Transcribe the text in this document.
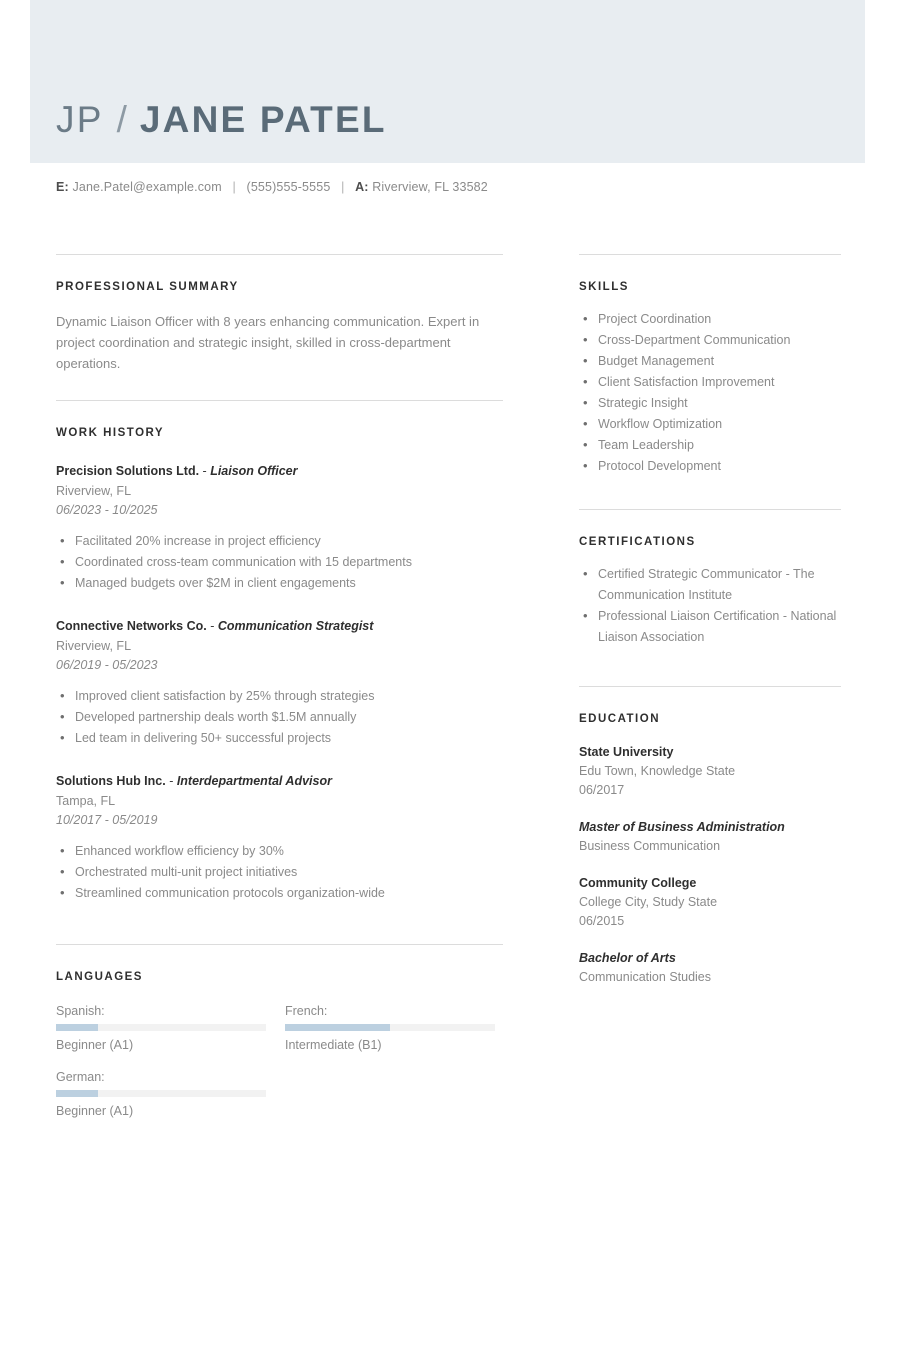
JP / JANE PATEL
E: Jane.Patel@example.com | (555)555-5555 | A: Riverview, FL 33582
PROFESSIONAL SUMMARY
Dynamic Liaison Officer with 8 years enhancing communication. Expert in project coordination and strategic insight, skilled in cross-department operations.
WORK HISTORY
Precision Solutions Ltd. - Liaison Officer
Riverview, FL
06/2023 - 10/2025
• Facilitated 20% increase in project efficiency
• Coordinated cross-team communication with 15 departments
• Managed budgets over $2M in client engagements
Connective Networks Co. - Communication Strategist
Riverview, FL
06/2019 - 05/2023
• Improved client satisfaction by 25% through strategies
• Developed partnership deals worth $1.5M annually
• Led team in delivering 50+ successful projects
Solutions Hub Inc. - Interdepartmental Advisor
Tampa, FL
10/2017 - 05/2019
• Enhanced workflow efficiency by 30%
• Orchestrated multi-unit project initiatives
• Streamlined communication protocols organization-wide
LANGUAGES
Spanish:
Beginner (A1)
French:
Intermediate (B1)
German:
Beginner (A1)
SKILLS
• Project Coordination
• Cross-Department Communication
• Budget Management
• Client Satisfaction Improvement
• Strategic Insight
• Workflow Optimization
• Team Leadership
• Protocol Development
CERTIFICATIONS
• Certified Strategic Communicator - The Communication Institute
• Professional Liaison Certification - National Liaison Association
EDUCATION
State University
Edu Town, Knowledge State
06/2017
Master of Business Administration
Business Communication
Community College
College City, Study State
06/2015
Bachelor of Arts
Communication Studies
